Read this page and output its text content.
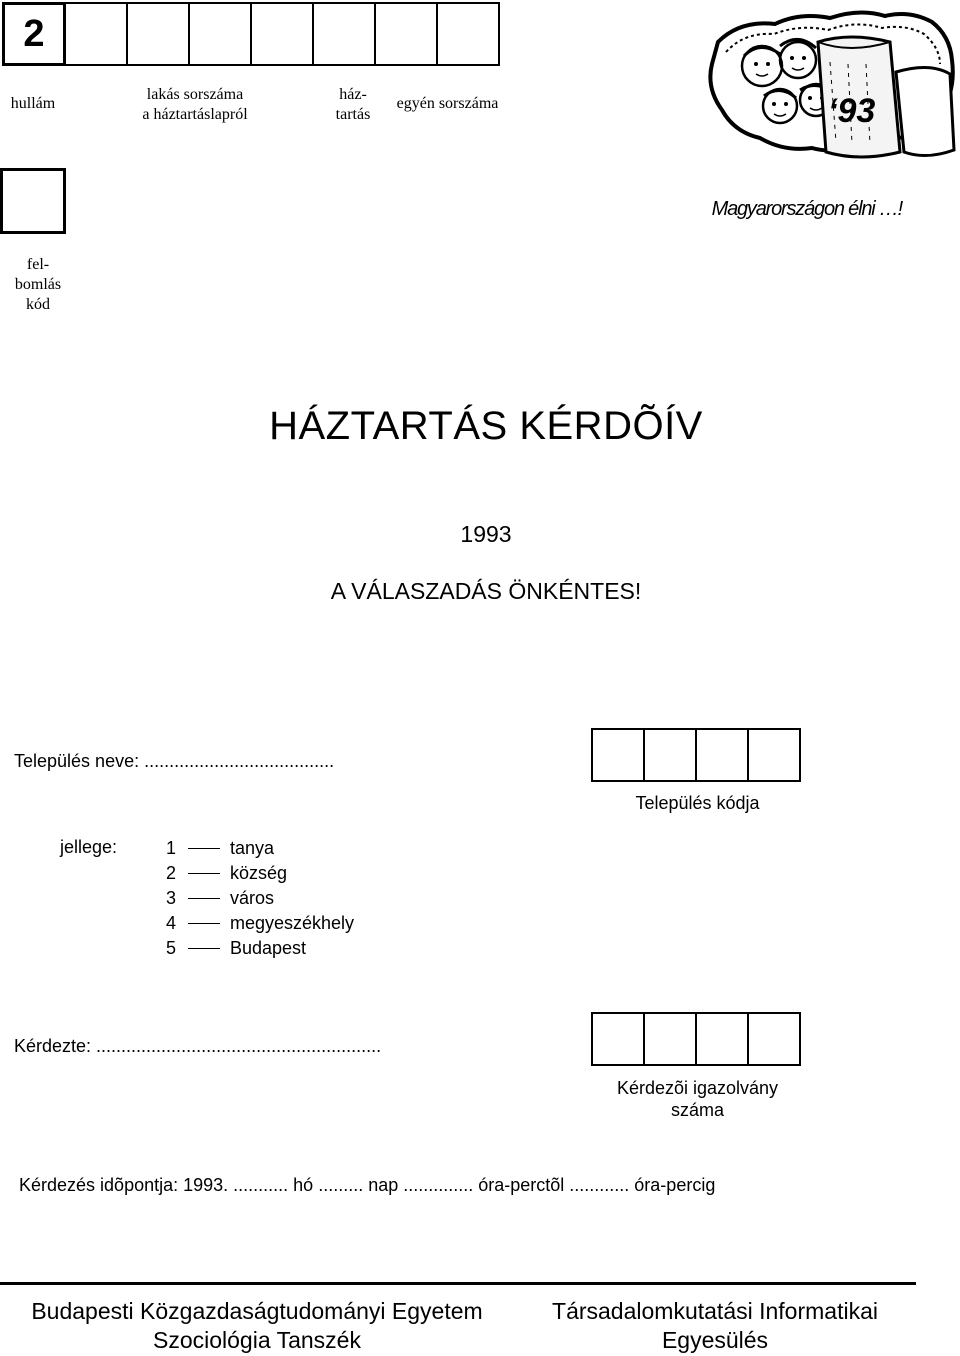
2
hullám
lakás sorszáma
a háztartáslapról
ház-
tartás
egyén sorszáma	‘93
Magyarországon élni …!
fel-
bomlás
kód
HÁZTARTÁS KÉRDÕÍV
1993
A VÁLASZADÁS ÖNKÉNTES!
Település neve: ......................................
Település kódja
jellege:	1	tanya
2	község
3	város
4	megyeszékhely
5	Budapest
Kérdezte: .........................................................
Kérdezõi igazolvány
száma
Kérdezés idõpontja: 1993. ........... hó ......... nap .............. óra-perctõl ............ óra-percig
Budapesti Közgazdaságtudományi Egyetem
Szociológia Tanszék
Társadalomkutatási Informatikai
Egyesülés
